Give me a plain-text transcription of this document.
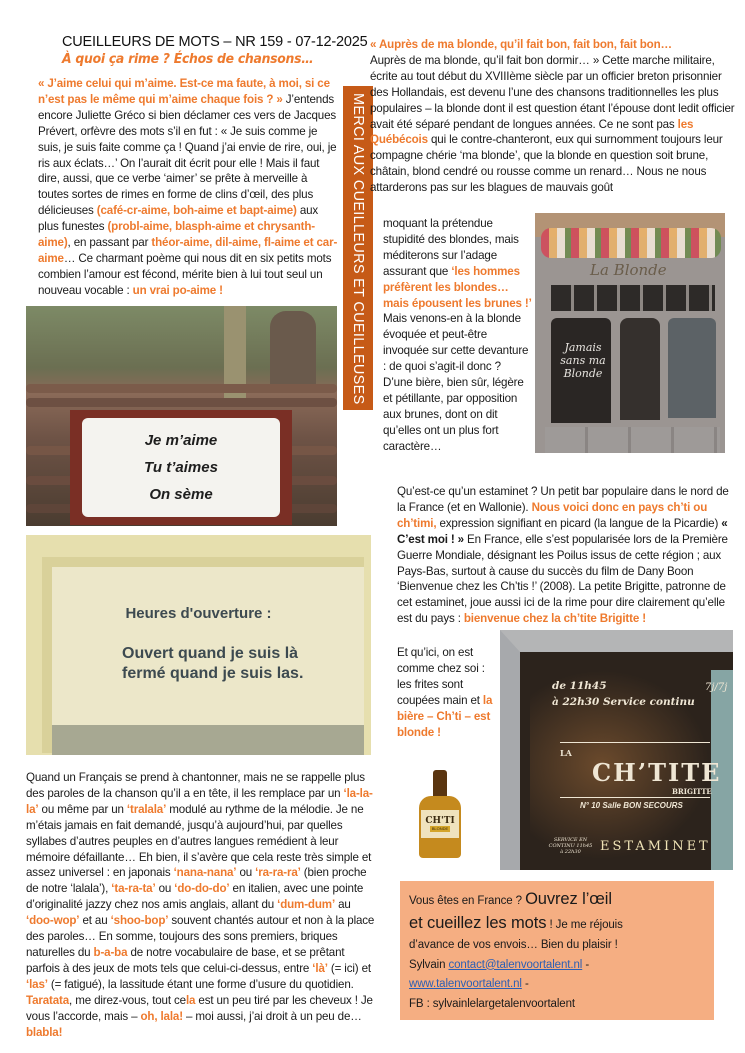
CUEILLEURS DE MOTS – NR 159 - 07-12-2025
À quoi ça rime ? Échos de chansons…

« J’aime celui qui m’aime. Est-ce ma faute, à moi, si ce n’est pas le même qui m’aime chaque fois ? » J’entends encore Juliette Gréco si bien déclamer ces vers de Jacques Prévert, orfèvre des mots s’il en fut : « Je suis comme je suis, je suis faite comme ça ! Quand j’ai envie de rire, oui, je ris aux éclats…’ On l’aurait dit écrit pour elle ! Mais il faut dire, aussi, que ce verbe ‘aimer’ se prête à merveille à toutes sortes de rimes en forme de clins d’œil, des plus délicieuses (café-cr-aime, boh-aime et bapt-aime) aux plus funestes (probl-aime, blasph-aime et chrysanth-aime), en passant par théor-aime, dil-aime, fl-aime et car-aime… Ce charmant poème qui nous dit en six petits mots combien l’amour est fécond, mérite bien à lui tout seul un nouveau vocable : un vrai po-aime !	MERCI AUX CUEILLEURS ET CUEILLEUSES !
Je m’aime
Tu t’aimes
On sème
Heures d'ouverture :
Ouvert quand je suis là
fermé quand je suis las.

Quand un Français se prend à chantonner, mais ne se rappelle plus des paroles de la chanson qu’il a en tête, il les remplace par un ‘la-la-la’ ou même par un ‘tralala’ modulé au rythme de la mélodie. Je ne m’étais jamais en fait demandé, jusqu’à aujourd’hui, par quelles syllabes d’autres peuples en d’autres langues remédient à leur mémoire défaillante… Eh bien, il s’avère que cela reste très simple et assez universel : en japonais ‘nana-nana’ ou ‘ra-ra-ra’ (bien proche de notre ‘lalala’), ‘ta-ra-ta’ ou ‘do-do-do’ en italien, avec une pointe d’originalité jazzy chez nos amis anglais, allant du ‘dum-dum’ au ‘doo-wop’ et au ‘shoo-bop’ souvent chantés autour et non à la place des paroles… En somme, toujours des sons premiers, briques naturelles du b-a-ba de notre vocabulaire de base, et se prêtant parfois à des jeux de mots tels que celui-ci-dessus, entre ‘là’ (= ici) et ‘las’ (= fatigué), la lassitude étant une forme d’usure du quotidien. Taratata, me direz-vous, tout cela est un peu tiré par les cheveux ! Je vous l’accorde, mais – oh, lala! – moi aussi, j’ai droit à un peu de… blabla!

« Auprès de ma blonde, qu’il fait bon, fait bon, fait bon…
Auprès de ma blonde, qu’il fait bon dormir… » Cette marche militaire, écrite au tout début du XVIIIème siècle par un officier breton prisonnier des Hollandais, est devenu l’une des chansons traditionnelles les plus populaires – la blonde dont il est question étant l’épouse dont ledit officier avait été séparé pendant de longues années. Ce ne sont pas les Québécois qui le contre-chanteront, eux qui surnomment toujours leur compagne chérie ‘ma blonde’, que la blonde en question soit brune, châtain, blond cendré ou rousse comme un renard… Nous ne nous attarderons pas sur les blagues de mauvais goût

moquant la prétendue stupidité des blondes, mais méditerons sur l’adage assurant que ‘les hommes préfèrent les blondes… mais épousent les brunes !’ Mais venons-en à la blonde évoquée et peut-être invoquée sur cette devanture : de quoi s’agit-il donc ? D’une bière, bien sûr, légère et pétillante, par opposition aux brunes, dont on dit qu’elles ont un plus fort caractère…

La Blonde
Jamais sans ma Blonde

Qu’est-ce qu’un estaminet ? Un petit bar populaire dans le nord de la France (et en Wallonie). Nous voici donc en pays ch’ti ou ch’timi, expression signifiant en picard (la langue de la Picardie) « C’est moi ! » En France, elle s’est popularisée lors de la Première Guerre Mondiale, désignant les Poilus issus de cette région ; aux Pays-Bas, surtout à cause du succès du film de Dany Boon ‘Bienvenue chez les Ch’tis !’ (2008). La petite Brigitte, patronne de cet estaminet, joue aussi ici de la rime pour dire clairement qu’elle est du pays : bienvenue chez la ch’tite Brigitte !

Et qu’ici, on est comme chez soi : les frites sont coupées main et la bière – Ch’ti – est blonde !

CH'TI
BLONDE
de 11h45
à 22h30 Service continu
7j/7j
LA
CH’TITE
BRIGITTE
N° 10 Salle BON SECOURS
SERVICE EN CONTINU 11h45 à 22h30	ESTAMINET

Vous êtes en France ? Ouvrez l’œil

et cueillez les mots ! Je me réjouis

d’avance de vos envois… Bien du plaisir !

Sylvain contact@talenvoortalent.nl -

www.talenvoortalent.nl -

FB : sylvainlelargetalenvoortalent
